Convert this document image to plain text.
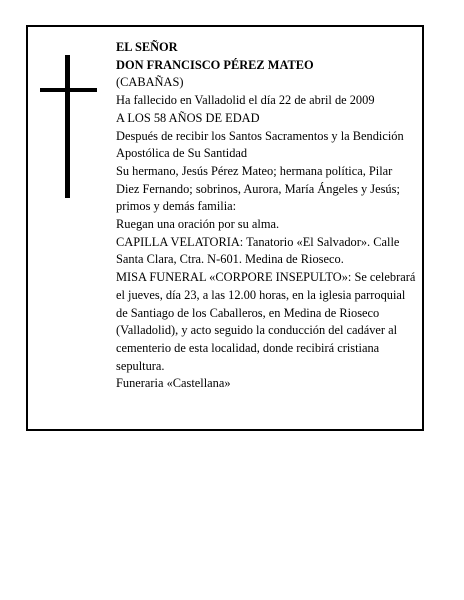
EL SEÑOR
DON FRANCISCO PÉREZ MATEO
(CABAÑAS)
Ha fallecido en Valladolid el día 22 de abril de 2009
A LOS 58 AÑOS DE EDAD
Después de recibir los Santos Sacramentos y la Bendición Apostólica de Su Santidad
Su hermano, Jesús Pérez Mateo; hermana política, Pilar Diez Fernando; sobrinos, Aurora, María Ángeles y Jesús; primos y demás familia:
Ruegan una oración por su alma.
CAPILLA VELATORIA: Tanatorio «El Salvador». Calle Santa Clara, Ctra. N-601. Medina de Rioseco.
MISA FUNERAL «CORPORE INSEPULTO»: Se celebrará el jueves, día 23, a las 12.00 horas, en la iglesia parroquial de Santiago de los Caballeros, en Medina de Rioseco (Valladolid), y acto seguido la conducción del cadáver al cementerio de esta localidad, donde recibirá cristiana sepultura.
Funeraria «Castellana»
